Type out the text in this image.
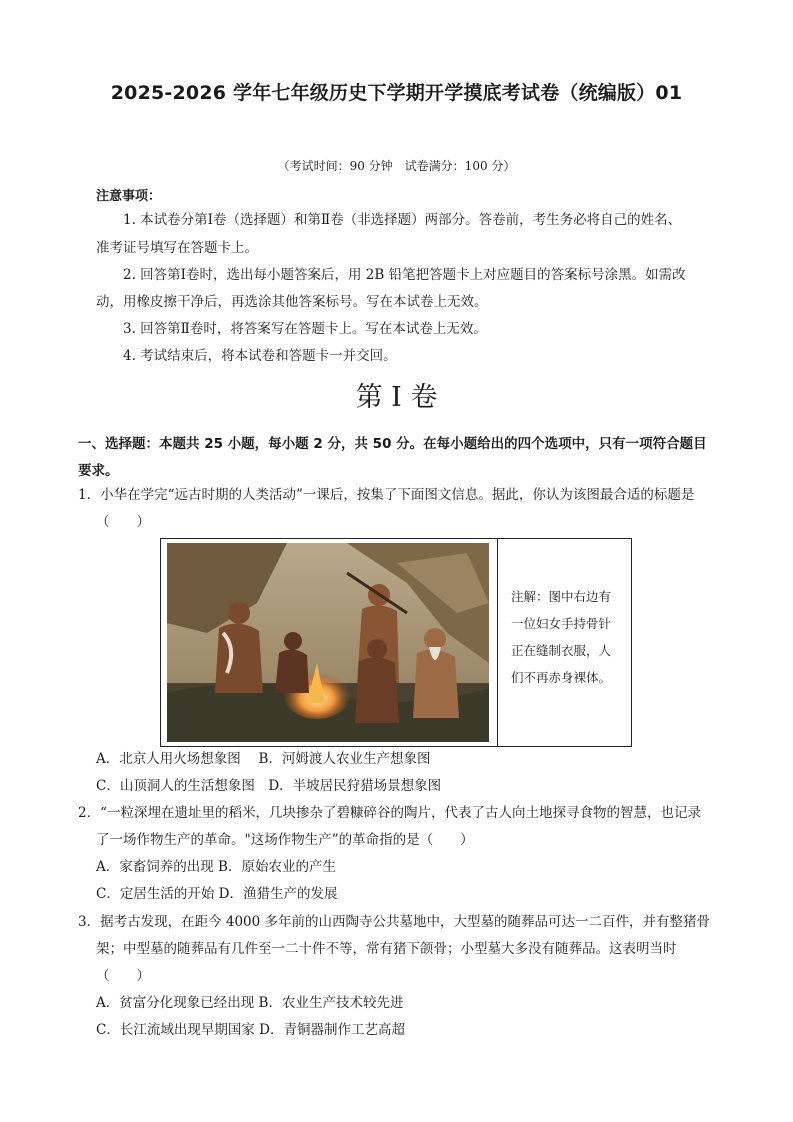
2025-2026 学年七年级历史下学期开学摸底考试卷（统编版）01
（考试时间：90 分钟　试卷满分：100 分）
注意事项：
1. 本试卷分第Ⅰ卷（选择题）和第Ⅱ卷（非选择题）两部分。答卷前，考生务必将自己的姓名、
准考证号填写在答题卡上。
2. 回答第Ⅰ卷时，选出每小题答案后，用 2B 铅笔把答题卡上对应题目的答案标号涂黑。如需改
动，用橡皮擦干净后，再选涂其他答案标号。写在本试卷上无效。
3. 回答第Ⅱ卷时，将答案写在答题卡上。写在本试卷上无效。
4. 考试结束后，将本试卷和答题卡一并交回。
第 I 卷
一、选择题：本题共 25 小题，每小题 2 分，共 50 分。在每小题给出的四个选项中，只有一项符合题目
要求。
1．小华在学完“远古时期的人类活动”一课后，按集了下面图文信息。据此，你认为该图最合适的标题是
（　　）
注解：图中右边有
一位妇女手持骨针
正在缝制衣服，人
们不再赤身裸体。
A．北京人用火场想象图　 B．河姆渡人农业生产想象图
C．山顶洞人的生活想象图　D．半坡居民狩猎场景想象图
2．“一粒深埋在遗址里的稻米，几块掺杂了碧糠碎谷的陶片，代表了古人向土地探寻食物的智慧，也记录
了一场作物生产的革命。"这场作物生产”的革命指的是（　　）
A．家畜饲养的出现 B．原始农业的产生
C．定居生活的开始 D．渔猎生产的发展
3．据考古发现，在距今 4000 多年前的山西陶寺公共墓地中，大型墓的随葬品可达一二百件，并有整猪骨
架；中型墓的随葬品有几件至一二十件不等，常有猪下颌骨；小型墓大多没有随葬品。这表明当时
（　　）
A．贫富分化现象已经出现 B．农业生产技术较先进
C．长江流域出现早期国家 D．青铜器制作工艺高超
